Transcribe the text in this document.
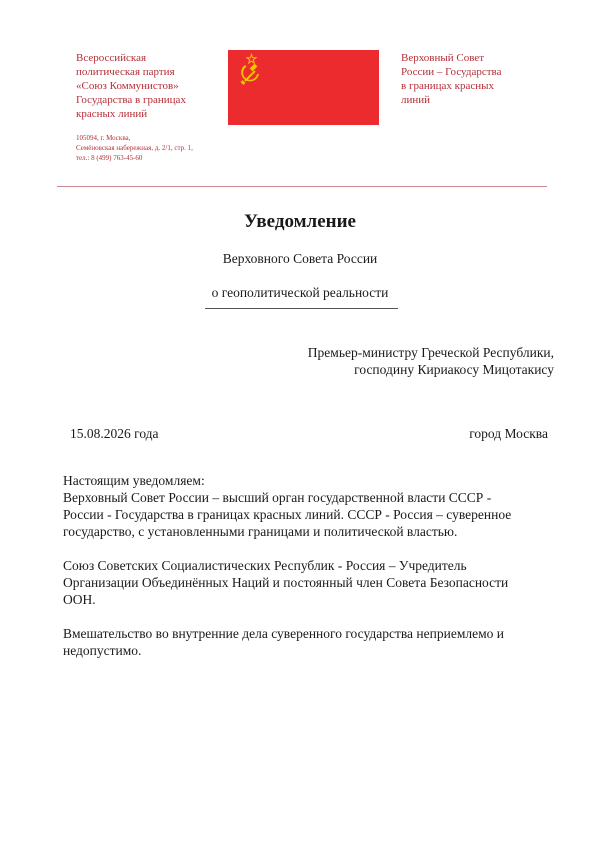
Всероссийская
политическая партия
«Союз Коммунистов»
Государства в границах
красных линий
105094, г. Москва,
Семёновская набережная, д. 2/1, стр. 1,
тел.: 8 (499) 763-45-60
Верховный Совет
России – Государства
в границах красных
линий
Уведомление
Верховного Совета России
о геополитической реальности
Премьер-министру Греческой Республики,
господину Кириакосу Мицотакису
15.08.2026 года	город Москва
Настоящим уведомляем:
Верховный Совет России – высший орган государственной власти СССР -
России - Государства в границах красных линий. СССР - Россия – суверенное
государство, с установленными границами и политической властью.
Союз Советских Социалистических Республик - Россия – Учредитель
Организации Объединённых Наций и постоянный член Совета Безопасности
ООН.
Вмешательство во внутренние дела суверенного государства неприемлемо и
недопустимо.
